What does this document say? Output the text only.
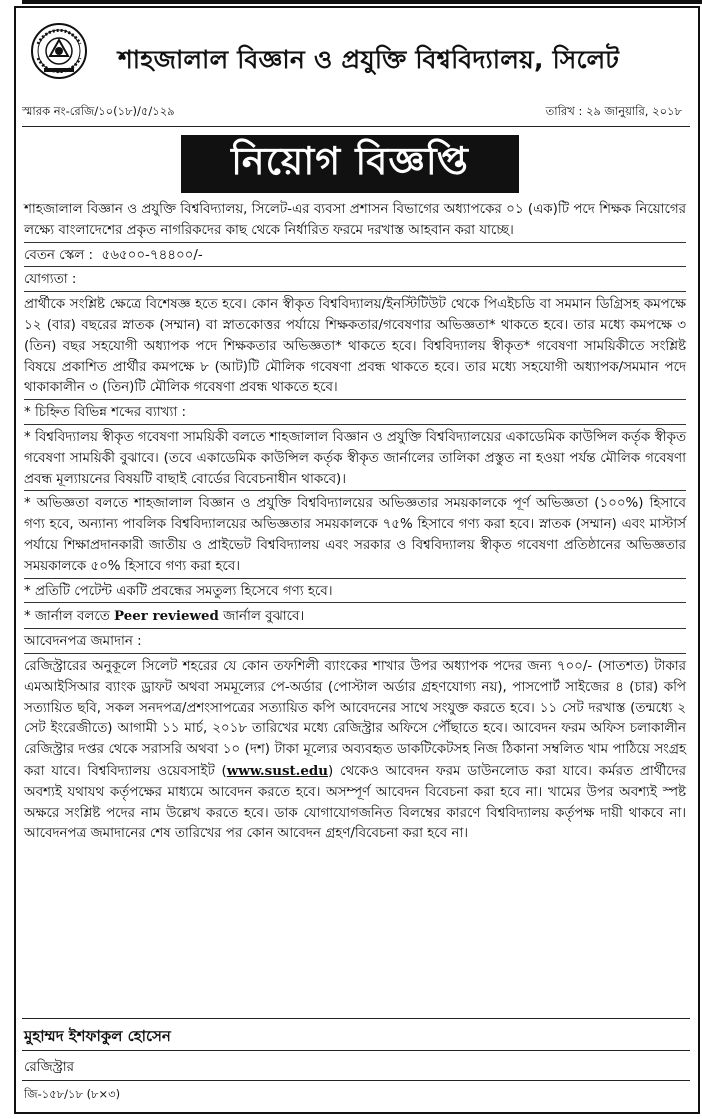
শাহজালাল বিজ্ঞান ও প্রযুক্তি বিশ্ববিদ্যালয়, সিলেট
স্মারক নং-রেজি/১০(১৮)/৫/১২৯	তারিখ : ২৯ জানুয়ারি, ২০১৮
নিয়োগ বিজ্ঞপ্তি

শাহজালাল বিজ্ঞান ও প্রযুক্তি বিশ্ববিদ্যালয়, সিলেট-এর ব্যবসা প্রশাসন বিভাগের অধ্যাপকের ০১ (এক)টি পদে শিক্ষক নিয়োগের লক্ষ্যে বাংলাদেশের প্রকৃত নাগরিকদের কাছ থেকে নির্ধারিত ফরমে দরখাস্ত আহবান করা যাচ্ছে।

বেতন স্কেল : ৫৬৫০০-৭৪৪০০/-

যোগ্যতা :

প্রার্থীকে সংশ্লিষ্ট ক্ষেত্রে বিশেষজ্ঞ হতে হবে। কোন স্বীকৃত বিশ্ববিদ্যালয়/ইনস্টিটিউট থেকে পিএইচডি বা সমমান ডিগ্রিসহ কমপক্ষে ১২ (বার) বছরের স্নাতক (সম্মান) বা স্নাতকোত্তর পর্যায়ে শিক্ষকতার/গবেষণার অভিজ্ঞতা* থাকতে হবে। তার মধ্যে কমপক্ষে ৩ (তিন) বছর সহযোগী অধ্যাপক পদে শিক্ষকতার অভিজ্ঞতা* থাকতে হবে। বিশ্ববিদ্যালয় স্বীকৃত* গবেষণা সাময়িকীতে সংশ্লিষ্ট বিষয়ে প্রকাশিত প্রার্থীর কমপক্ষে ৮ (আট)টি মৌলিক গবেষণা প্রবন্ধ থাকতে হবে। তার মধ্যে সহযোগী অধ্যাপক/সমমান পদে থাকাকালীন ৩ (তিন)টি মৌলিক গবেষণা প্রবন্ধ থাকতে হবে।

* চিহ্নিত বিভিন্ন শব্দের ব্যাখ্যা :

* বিশ্ববিদ্যালয় স্বীকৃত গবেষণা সাময়িকী বলতে শাহজালাল বিজ্ঞান ও প্রযুক্তি বিশ্ববিদ্যালয়ের একাডেমিক কাউন্সিল কর্তৃক স্বীকৃত গবেষণা সাময়িকী বুঝাবে। (তবে একাডেমিক কাউন্সিল কর্তৃক স্বীকৃত জার্নালের তালিকা প্রস্তুত না হওয়া পর্যন্ত মৌলিক গবেষণা প্রবন্ধ মূল্যায়নের বিষয়টি বাছাই বোর্ডের বিবেচনাধীন থাকবে)।

* অভিজ্ঞতা বলতে শাহজালাল বিজ্ঞান ও প্রযুক্তি বিশ্ববিদ্যালয়ের অভিজ্ঞতার সময়কালকে পূর্ণ অভিজ্ঞতা (১০০%) হিসাবে গণ্য হবে, অন্যান্য পাবলিক বিশ্ববিদ্যালয়ের অভিজ্ঞতার সময়কালকে ৭৫% হিসাবে গণ্য করা হবে। স্নাতক (সম্মান) এবং মাস্টার্স পর্যায়ে শিক্ষাপ্রদানকারী জাতীয় ও প্রাইভেট বিশ্ববিদ্যালয় এবং সরকার ও বিশ্ববিদ্যালয় স্বীকৃত গবেষণা প্রতিষ্ঠানের অভিজ্ঞতার সময়কালকে ৫০% হিসাবে গণ্য করা হবে।

* প্রতিটি পেটেন্ট একটি প্রবন্ধের সমতুল্য হিসেবে গণ্য হবে।

* জার্নাল বলতে Peer reviewed জার্নাল বুঝাবে।

আবেদনপত্র জমাদান :

রেজিস্ট্রারের অনুকূলে সিলেট শহরের যে কোন তফশিলী ব্যাংকের শাখার উপর অধ্যাপক পদের জন্য ৭০০/- (সাতশত) টাকার এমআইসিআর ব্যাংক ড্রাফট অথবা সমমূল্যের পে-অর্ডার (পোস্টাল অর্ডার গ্রহণযোগ্য নয়), পাসপোর্ট সাইজের ৪ (চার) কপি সত্যায়িত ছবি, সকল সনদপত্র/প্রশংসাপত্রের সত্যায়িত কপি আবেদনের সাথে সংযুক্ত করতে হবে। ১১ সেট দরখাস্ত (তন্মধ্যে ২ সেট ইংরেজীতে) আগামী ১১ মার্চ, ২০১৮ তারিখের মধ্যে রেজিস্ট্রার অফিসে পৌঁছাতে হবে। আবেদন ফরম অফিস চলাকালীন রেজিস্ট্রার দপ্তর থেকে সরাসরি অথবা ১০ (দশ) টাকা মূল্যের অব্যবহৃত ডাকটিকেটসহ নিজ ঠিকানা সম্বলিত খাম পাঠিয়ে সংগ্রহ করা যাবে। বিশ্ববিদ্যালয় ওয়েবসাইট (www.sust.edu) থেকেও আবেদন ফরম ডাউনলোড করা যাবে। কর্মরত প্রার্থীদের অবশ্যই যথাযথ কর্তৃপক্ষের মাধ্যমে আবেদন করতে হবে। অসম্পূর্ণ আবেদন বিবেচনা করা হবে না। খামের উপর অবশ্যই স্পষ্ট অক্ষরে সংশ্লিষ্ট পদের নাম উল্লেখ করতে হবে। ডাক যোগাযোগজনিত বিলম্বের কারণে বিশ্ববিদ্যালয় কর্তৃপক্ষ দায়ী থাকবে না। আবেদনপত্র জমাদানের শেষ তারিখের পর কোন আবেদন গ্রহণ/বিবেচনা করা হবে না।

মুহাম্মদ ইশফাকুল হোসেন
রেজিস্ট্রার
জি-১৫৮/১৮ (৮×৩)
